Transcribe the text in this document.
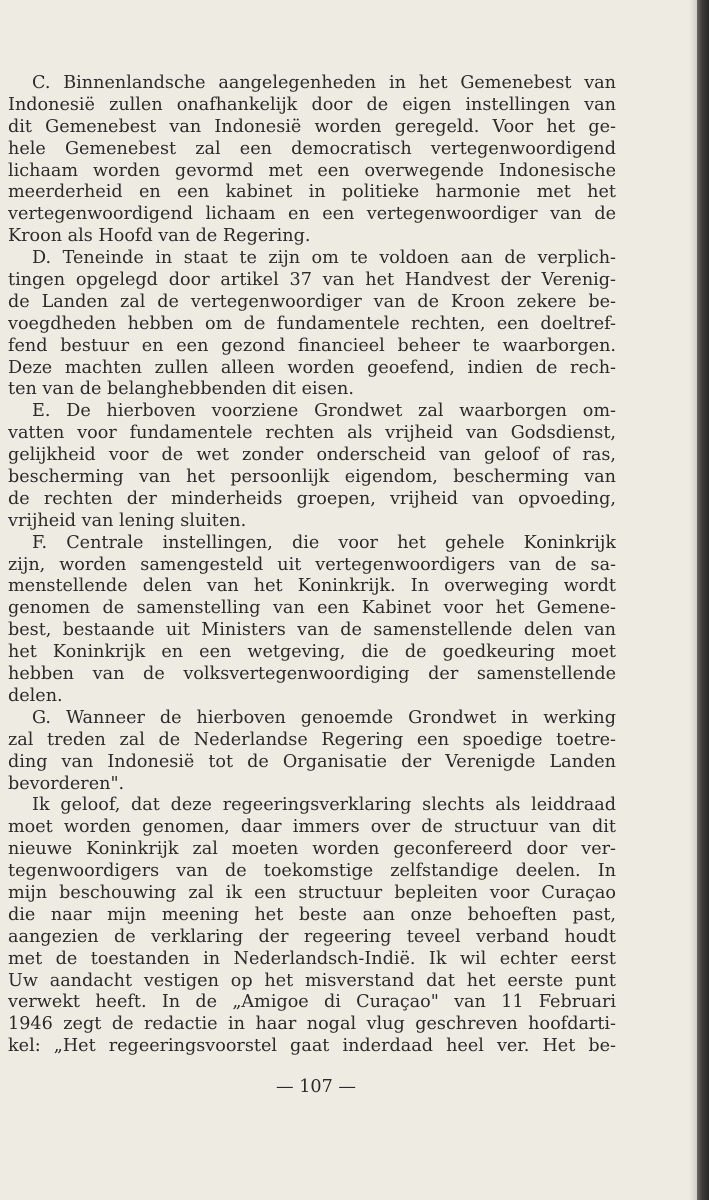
C. Binnenlandsche aangelegenheden in het Gemenebest van
Indonesië zullen onafhankelijk door de eigen instellingen van
dit Gemenebest van Indonesië worden geregeld. Voor het ge-
hele Gemenebest zal een democratisch vertegenwoordigend
lichaam worden gevormd met een overwegende Indonesische
meerderheid en een kabinet in politieke harmonie met het
vertegenwoordigend lichaam en een vertegenwoordiger van de
Kroon als Hoofd van de Regering.
D. Teneinde in staat te zijn om te voldoen aan de verplich-
tingen opgelegd door artikel 37 van het Handvest der Verenig-
de Landen zal de vertegenwoordiger van de Kroon zekere be-
voegdheden hebben om de fundamentele rechten, een doeltref-
fend bestuur en een gezond financieel beheer te waarborgen.
Deze machten zullen alleen worden geoefend, indien de rech-
ten van de belanghebbenden dit eisen.
E. De hierboven voorziene Grondwet zal waarborgen om-
vatten voor fundamentele rechten als vrijheid van Godsdienst,
gelijkheid voor de wet zonder onderscheid van geloof of ras,
bescherming van het persoonlijk eigendom, bescherming van
de rechten der minderheids groepen, vrijheid van opvoeding,
vrijheid van lening sluiten.
F. Centrale instellingen, die voor het gehele Koninkrijk
zijn, worden samengesteld uit vertegenwoordigers van de sa-
menstellende delen van het Koninkrijk. In overweging wordt
genomen de samenstelling van een Kabinet voor het Gemene-
best, bestaande uit Ministers van de samenstellende delen van
het Koninkrijk en een wetgeving, die de goedkeuring moet
hebben van de volksvertegenwoordiging der samenstellende
delen.
G. Wanneer de hierboven genoemde Grondwet in werking
zal treden zal de Nederlandse Regering een spoedige toetre-
ding van Indonesië tot de Organisatie der Verenigde Landen
bevorderen".
Ik geloof, dat deze regeeringsverklaring slechts als leiddraad
moet worden genomen, daar immers over de structuur van dit
nieuwe Koninkrijk zal moeten worden geconfereerd door ver-
tegenwoordigers van de toekomstige zelfstandige deelen. In
mijn beschouwing zal ik een structuur bepleiten voor Curaçao
die naar mijn meening het beste aan onze behoeften past,
aangezien de verklaring der regeering teveel verband houdt
met de toestanden in Nederlandsch-Indië. Ik wil echter eerst
Uw aandacht vestigen op het misverstand dat het eerste punt
verwekt heeft. In de „Amigoe di Curaçao" van 11 Februari
1946 zegt de redactie in haar nogal vlug geschreven hoofdarti-
kel: „Het regeeringsvoorstel gaat inderdaad heel ver. Het be-
— 107 —
